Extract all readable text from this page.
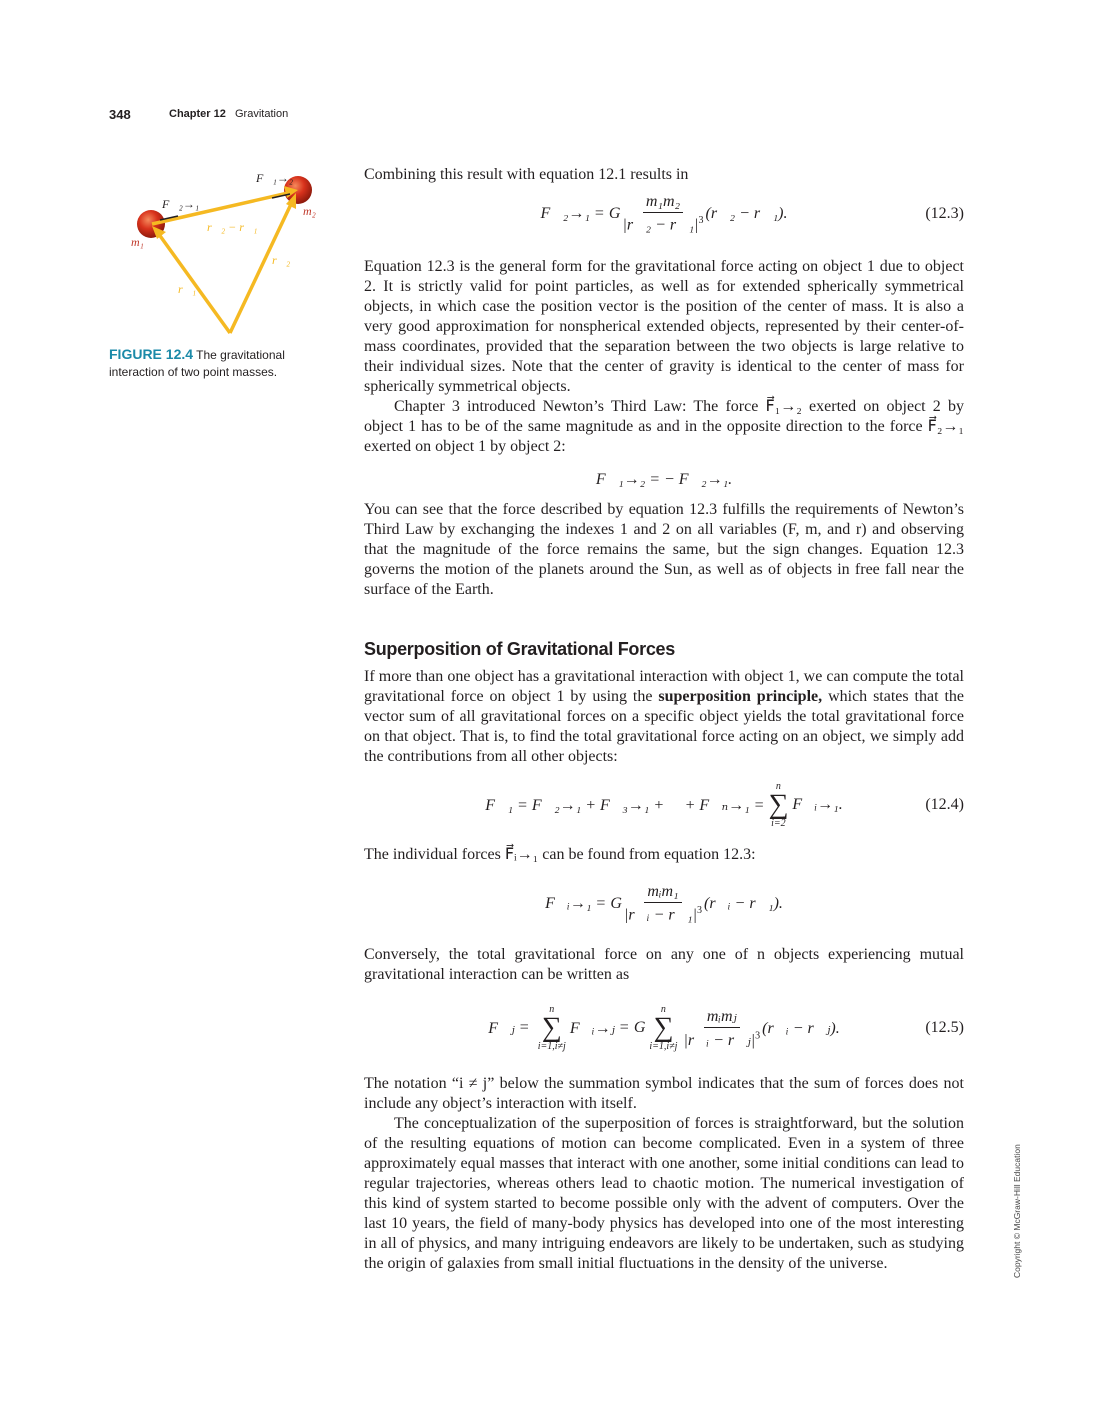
348	Chapter 12 Gravitation
F⃗₁→₂
F⃗₂→₁
r⃗₂ − r⃗₁
m₁
m₂
r⃗₁
r⃗₂
FIGURE 12.4 The gravitational interaction of two point masses.

Combining this result with equation 12.1 results in

F⃗₂→₁ = G $\frac{\text{m₁m₂}}{|r⃗_2 - r⃗_1|^3}$ (r⃗₂ − r⃗₁).	(12.3)

Equation 12.3 is the general form for the gravitational force acting on object 1 due to object 2. It is strictly valid for point particles, as well as for extended spherically symmetrical objects, in which case the position vector is the position of the center of mass. It is also a very good approximation for nonspherical extended objects, represented by their center-of-mass coordinates, provided that the separation between the two objects is large relative to their individual sizes. Note that the center of gravity is identical to the center of mass for spherically symmetrical objects.

Chapter 3 introduced Newton’s Third Law: The force F⃗₁→₂ exerted on object 2 by object 1 has to be of the same magnitude as and in the opposite direction to the force F⃗₂→₁ exerted on object 1 by object 2:

F⃗₁→₂ = − F⃗₂→₁.

You can see that the force described by equation 12.3 fulfills the requirements of Newton’s Third Law by exchanging the indexes 1 and 2 on all variables (F, m, and r) and observing that the magnitude of the force remains the same, but the sign changes. Equation 12.3 governs the motion of the planets around the Sun, as well as of objects in free fall near the surface of the Earth.

Superposition of Gravitational Forces

If more than one object has a gravitational interaction with object 1, we can compute the total gravitational force on object 1 by using the superposition principle, which states that the vector sum of all gravitational forces on a specific object yields the total gravitational force on that object. That is, to find the total gravitational force acting on an object, we simply add the contributions from all other objects:

F⃗₁ = F⃗₂→₁ + F⃗₃→₁ + ⋯ + F⃗ₙ→₁ =
n
∑
i=2
F⃗ᵢ→₁.	(12.4)

The individual forces F⃗ᵢ→₁ can be found from equation 12.3:

F⃗ᵢ→₁ = G $\frac{\text{mᵢm₁}}{|r⃗ᵢ - r⃗_1|^3}$ (r⃗ᵢ − r⃗₁).

Conversely, the total gravitational force on any one of n objects experiencing mutual gravitational interaction can be written as

F⃗ⱼ =
n
∑
i=1,i≠j
F⃗ᵢ→ⱼ = G
n
∑
$i=1,i\ne j \frac{\text{mᵢmⱼ}}{|r⃗ᵢ - r⃗ⱼ|^3}$ (r⃗ᵢ − r⃗ⱼ).	(12.5)

The notation “i ≠ j” below the summation symbol indicates that the sum of forces does not include any object’s interaction with itself.

The conceptualization of the superposition of forces is straightforward, but the solution of the resulting equations of motion can become complicated. Even in a system of three approximately equal masses that interact with one another, some initial conditions can lead to regular trajectories, whereas others lead to chaotic motion. The numerical investigation of this kind of system started to become possible only with the advent of computers. Over the last 10 years, the field of many-body physics has developed into one of the most interesting in all of physics, and many intriguing endeavors are likely to be undertaken, such as studying the origin of galaxies from small initial fluctuations in the density of the universe.	Copyright © McGraw-Hill Education
